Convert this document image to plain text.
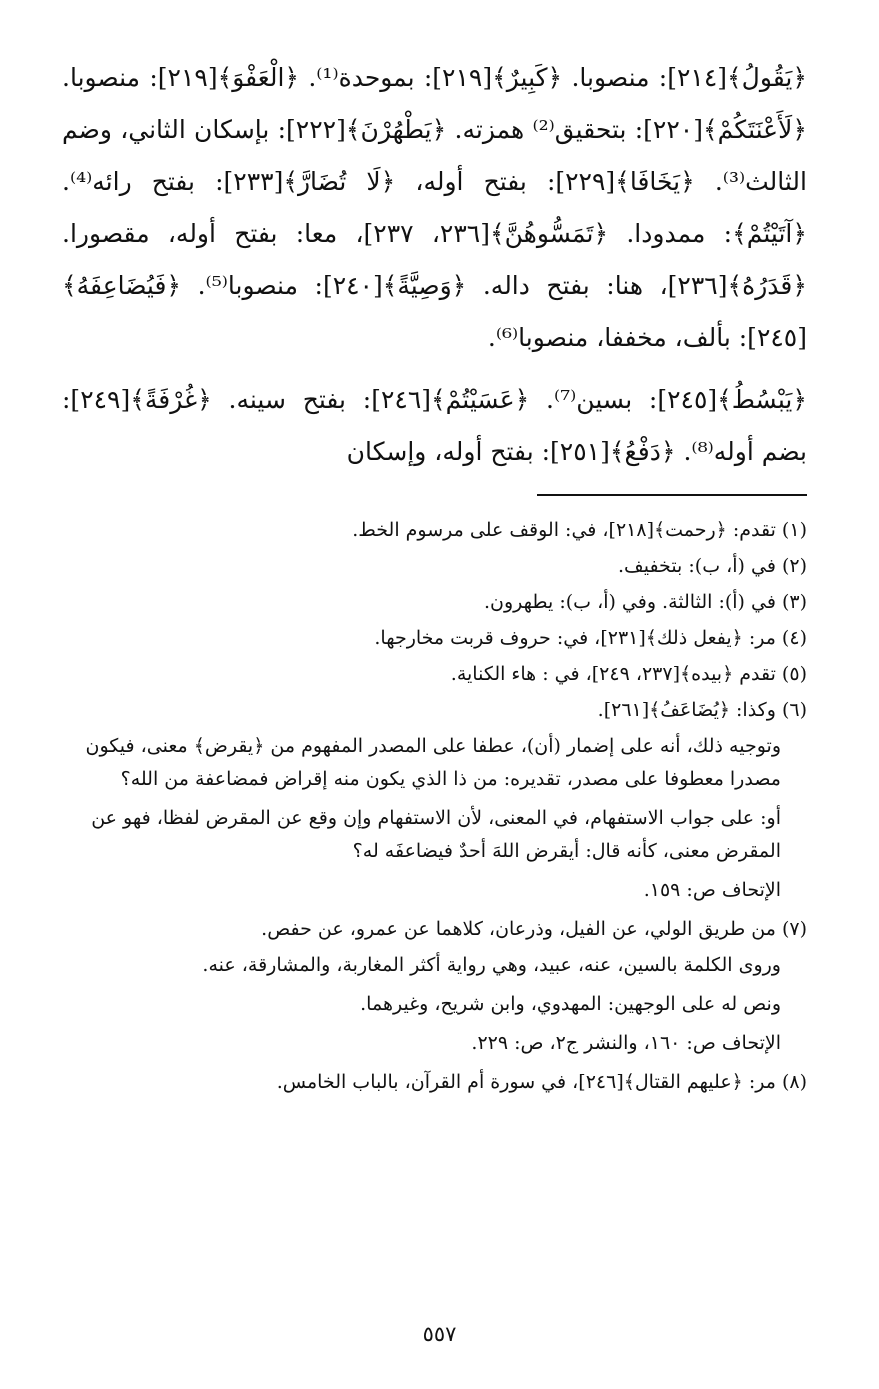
﴿يَقُولُ﴾[٢١٤]: منصوبا. ﴿كَبِيرٌ﴾[٢١٩]: بموحدة⁽¹⁾. ﴿الْعَفْوَ﴾[٢١٩]: منصوبا. ﴿لَأَعْنَتَكُمْ﴾[٢٢٠]: بتحقيق⁽²⁾ همزته. ﴿يَطْهُرْنَ﴾[٢٢٢]: بإسكان الثاني، وضم الثالث⁽³⁾. ﴿يَخَافَا﴾[٢٢٩]: بفتح أوله، ﴿لَا تُضَارَّ﴾[٢٣٣]: بفتح رائه⁽⁴⁾. ﴿آتَيْتُمْ﴾: ممدودا. ﴿تَمَسُّوهُنَّ﴾[٢٣٦، ٢٣٧]، معا: بفتح أوله، مقصورا. ﴿قَدَرُهُ﴾[٢٣٦]، هنا: بفتح داله. ﴿وَصِيَّةً﴾[٢٤٠]: منصوبا⁽⁵⁾. ﴿فَيُضَاعِفَهُ﴾[٢٤٥]: بألف، مخففا، منصوبا⁽⁶⁾.

﴿يَبْسُطُ﴾[٢٤٥]: بسين⁽⁷⁾. ﴿عَسَيْتُمْ﴾[٢٤٦]: بفتح سينه. ﴿غُرْفَةً﴾[٢٤٩]: بضم أوله⁽⁸⁾. ﴿دَفْعُ﴾[٢٥١]: بفتح أوله، وإسكان

(١) تقدم: ﴿رحمت﴾[٢١٨]، في: الوقف على مرسوم الخط.

(٢) في (أ، ب): بتخفيف.

(٣) في (أ): الثالثة. وفي (أ، ب): يطهرون.

(٤) مر: ﴿يفعل ذلك﴾[٢٣١]، في: حروف قربت مخارجها.

(٥) تقدم ﴿بيده﴾[٢٣٧، ٢٤٩]، في : هاء الكناية.

(٦) وكذا: ﴿يُضَاعَفُ﴾[٢٦١].

وتوجيه ذلك، أنه على إضمار (أن)، عطفا على المصدر المفهوم من ﴿يقرض﴾ معنى، فيكون مصدرا معطوفا على مصدر، تقديره: من ذا الذي يكون منه إقراض فمضاعفة من الله؟

أو: على جواب الاستفهام، في المعنى، لأن الاستفهام وإن وقع عن المقرض لفظا، فهو عن المقرض معنى، كأنه قال: أيقرض اللهَ أحدٌ فيضاعفَه له؟

الإتحاف ص: ١٥٩.

(٧) من طريق الولي، عن الفيل، وذرعان، كلاهما عن عمرو، عن حفص.

وروى الكلمة بالسين، عنه، عبيد، وهي رواية أكثر المغاربة، والمشارقة، عنه.

ونص له على الوجهين: المهدوي، وابن شريح، وغيرهما.

الإتحاف ص: ١٦٠، والنشر ج٢، ص: ٢٢٩.

(٨) مر: ﴿عليهم القتال﴾[٢٤٦]، في سورة أم القرآن، بالباب الخامس.

٥٥٧
